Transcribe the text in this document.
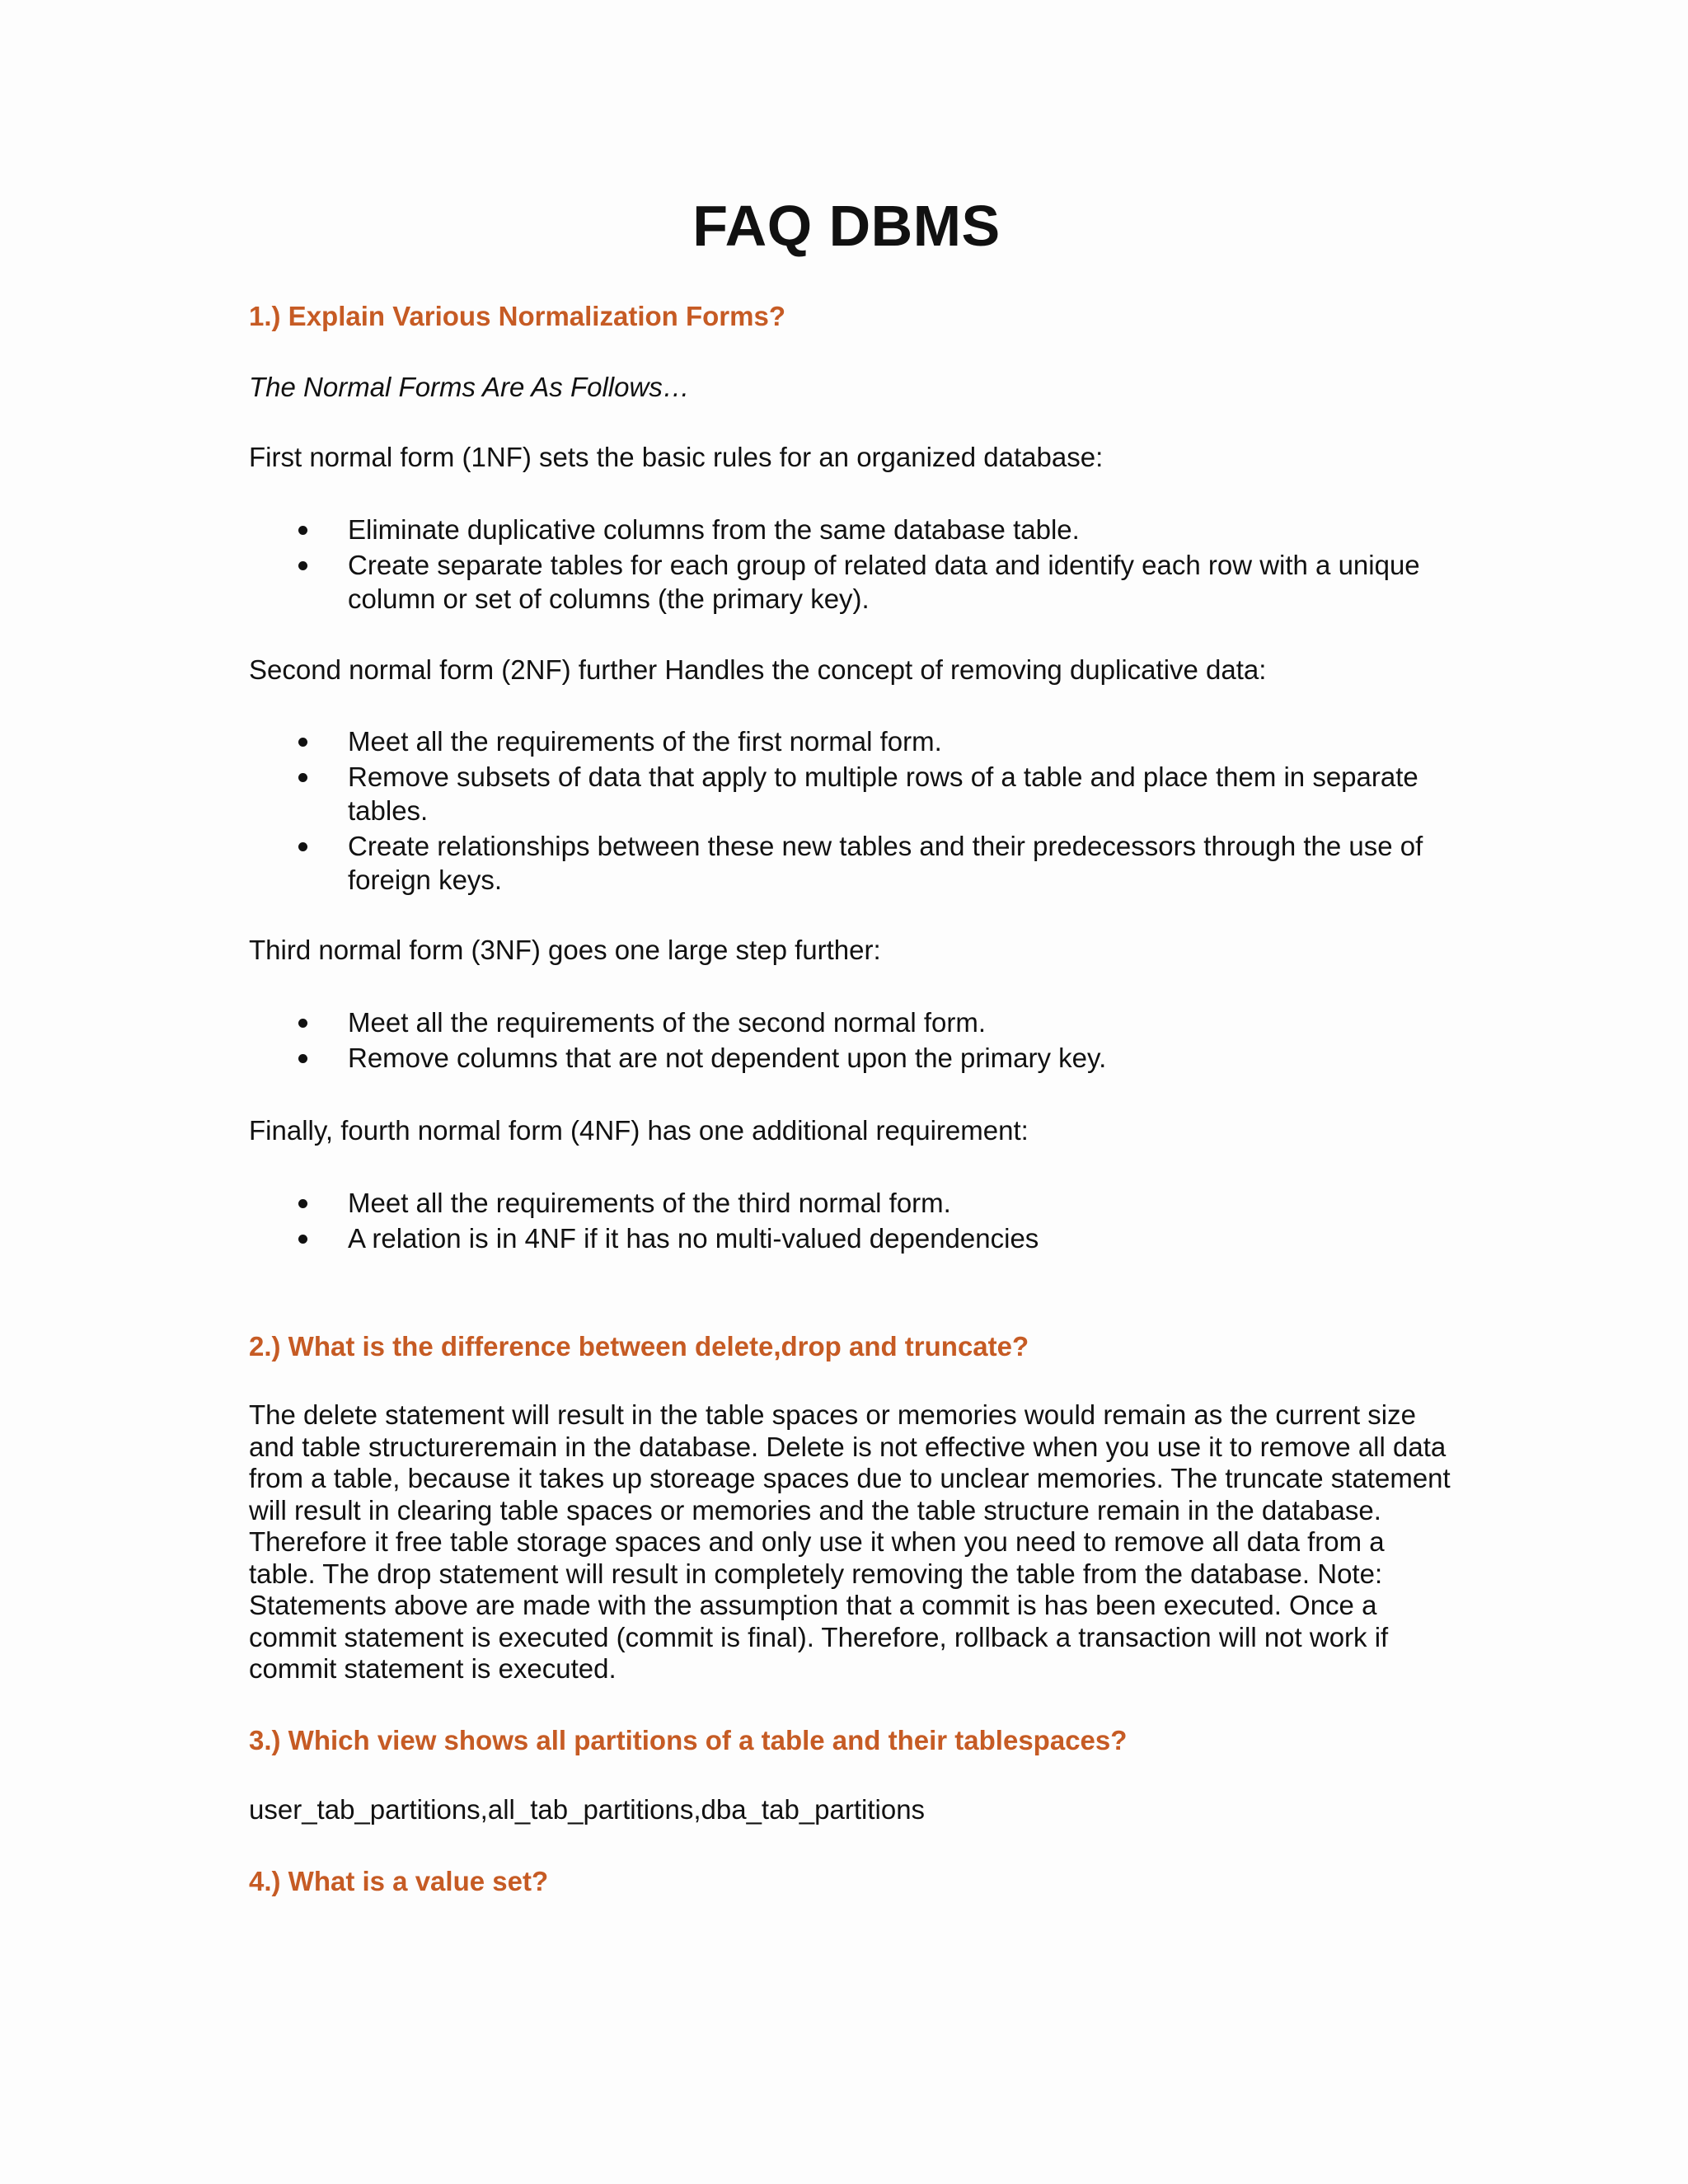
FAQ DBMS
1.) Explain Various Normalization Forms?

The Normal Forms Are As Follows…

First normal form (1NF) sets the basic rules for an organized database:

Eliminate duplicative columns from the same database table.
Create separate tables for each group of related data and identify each row with a unique column or set of columns (the primary key).

Second normal form (2NF) further Handles the concept of removing duplicative data:

Meet all the requirements of the first normal form.
Remove subsets of data that apply to multiple rows of a table and place them in separate tables.
Create relationships between these new tables and their predecessors through the use of foreign keys.

Third normal form (3NF) goes one large step further:

Meet all the requirements of the second normal form.
Remove columns that are not dependent upon the primary key.

Finally, fourth normal form (4NF) has one additional requirement:

Meet all the requirements of the third normal form.
A relation is in 4NF if it has no multi-valued dependencies
2.) What is the difference between delete,drop and truncate?

The delete statement will result in the table spaces or memories would remain as the current size and table structureremain in the database. Delete is not effective when you use it to remove all data from a table, because it takes up storeage spaces due to unclear memories. The truncate statement will result in clearing table spaces or memories and the table structure remain in the database. Therefore it free table storage spaces and only use it when you need to remove all data from a table. The drop statement will result in completely removing the table from the database. Note: Statements above are made with the assumption that a commit is has been executed. Once a commit statement is executed (commit is final). Therefore, rollback a transaction will not work if commit statement is executed.

3.) Which view shows all partitions of a table and their tablespaces?

user_tab_partitions,all_tab_partitions,dba_tab_partitions

4.) What is a value set?
